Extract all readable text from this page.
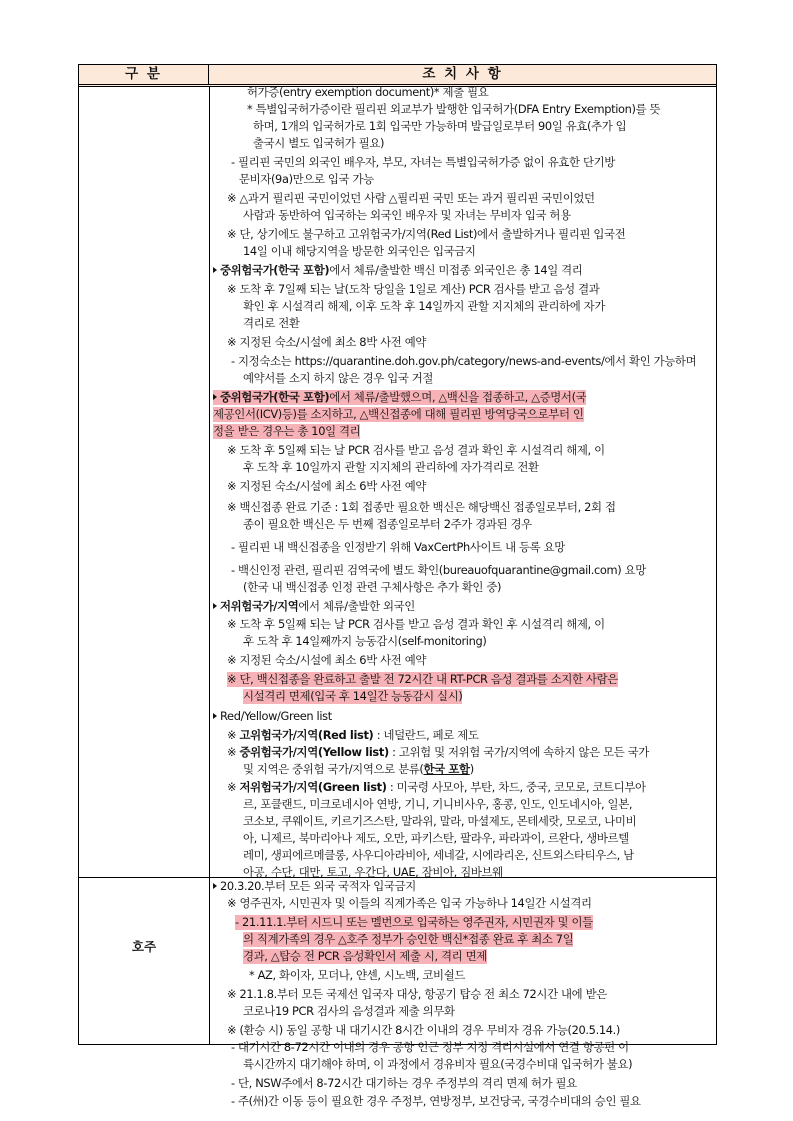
구 분	조 치 사 항
호주
허가증(entry exemption document)* 제출 필요
* 특별입국허가증이란 필리핀 외교부가 발행한 입국허가(DFA Entry Exemption)를 뜻
하며, 1개의 입국허가로 1회 입국만 가능하며 발급일로부터 90일 유효(추가 입
출국시 별도 입국허가 필요)
- 필리핀 국민의 외국인 배우자, 부모, 자녀는 특별입국허가증 없이 유효한 단기방
문비자(9a)만으로 입국 가능
※ △과거 필리핀 국민이었던 사람 △필리핀 국민 또는 과거 필리핀 국민이었던
사람과 동반하여 입국하는 외국인 배우자 및 자녀는 무비자 입국 허용
※ 단, 상기에도 불구하고 고위험국가/지역(Red List)에서 출발하거나 필리핀 입국전
14일 이내 해당지역을 방문한 외국인은 입국금지
중위험국가(한국 포함)에서 체류/출발한 백신 미접종 외국인은 총 14일 격리
※ 도착 후 7일째 되는 날(도착 당일을 1일로 계산) PCR 검사를 받고 음성 결과
확인 후 시설격리 해제, 이후 도착 후 14일까지 관할 지지체의 관리하에 자가
격리로 전환
※ 지정된 숙소/시설에 최소 8박 사전 예약
- 지정숙소는 https://quarantine.doh.gov.ph/category/news-and-events/에서 확인 가능하며
예약서를 소지 하지 않은 경우 입국 거절
중위험국가(한국 포함)에서 체류/출발했으며, △백신을 접종하고, △증명서(국
제공인서(ICV)등)를 소지하고, △백신접종에 대해 필리핀 방역당국으로부터 인
정을 받은 경우는 총 10일 격리
※ 도착 후 5일째 되는 날 PCR 검사를 받고 음성 결과 확인 후 시설격리 해제, 이
후 도착 후 10일까지 관할 지지체의 관리하에 자가격리로 전환
※ 지정된 숙소/시설에 최소 6박 사전 예약
※ 백신접종 완료 기준 : 1회 접종만 필요한 백신은 해당백신 접종일로부터, 2회 접
종이 필요한 백신은 두 번째 접종일로부터 2주가 경과된 경우
- 필리핀 내 백신접종을 인정받기 위해 VaxCertPh사이트 내 등록 요망
- 백신인정 관련, 필리핀 검역국에 별도 확인(bureauofquarantine@gmail.com) 요망
(한국 내 백신접종 인정 관련 구체사항은 추가 확인 중)
저위험국가/지역에서 체류/출발한 외국인
※ 도착 후 5일째 되는 날 PCR 검사를 받고 음성 결과 확인 후 시설격리 해제, 이
후 도착 후 14일째까지 능동감시(self-monitoring)
※ 지정된 숙소/시설에 최소 6박 사전 예약
※ 단, 백신접종을 완료하고 출발 전 72시간 내 RT-PCR 음성 결과를 소지한 사람은
시설격리 면제(입국 후 14일간 능동감시 실시)
Red/Yellow/Green list
※ 고위험국가/지역(Red list) : 네덜란드, 페로 제도
※ 중위험국가/지역(Yellow list) : 고위험 및 저위험 국가/지역에 속하지 않은 모든 국가
및 지역은 중위험 국가/지역으로 분류(한국 포함)
※ 저위험국가/지역(Green list) : 미국령 사모아, 부탄, 차드, 중국, 코모로, 코트디부아
르, 포클랜드, 미크로네시아 연방, 기니, 기니비사우, 홍콩, 인도, 인도네시아, 일본,
코소보, 쿠웨이트, 키르기즈스탄, 말라위, 말라, 마셜제도, 몬테세랏, 모로코, 나미비
아, 니제르, 북마리아나 제도, 오만, 파키스탄, 팔라우, 파라과이, 르완다, 생바르텔
레미, 생피에르메클롱, 사우디아라비아, 세네갈, 시에라리온, 신트외스타티우스, 남
아공, 수단, 대만, 토고, 우간다, UAE, 잠비아, 짐바브웨
20.3.20.부터 모든 외국 국적자 입국금지
※ 영주권자, 시민권자 및 이들의 직계가족은 입국 가능하나 14일간 시설격리
- 21.11.1.부터 시드니 또는 멜번으로 입국하는 영주권자, 시민권자 및 이들
의 직계가족의 경우 △호주 정부가 승인한 백신*접종 완료 후 최소 7일
경과, △탑승 전 PCR 음성확인서 제출 시, 격리 면제
* AZ, 화이자, 모더나, 얀센, 시노백, 코비쉴드
※ 21.1.8.부터 모든 국제선 입국자 대상, 항공기 탑승 전 최소 72시간 내에 받은
코로나19 PCR 검사의 음성결과 제출 의무화
※ (환승 시) 동일 공항 내 대기시간 8시간 이내의 경우 무비자 경유 가능(20.5.14.)
- 대기시간 8-72시간 이내의 경우 공항 인근 정부 지정 격리시설에서 연결 항공편 이
륙시간까지 대기해야 하며, 이 과정에서 경유비자 필요(국경수비대 입국허가 불요)
- 단, NSW주에서 8-72시간 대기하는 경우 주정부의 격리 면제 허가 필요
- 주(州)간 이동 등이 필요한 경우 주정부, 연방정부, 보건당국, 국경수비대의 승인 필요
